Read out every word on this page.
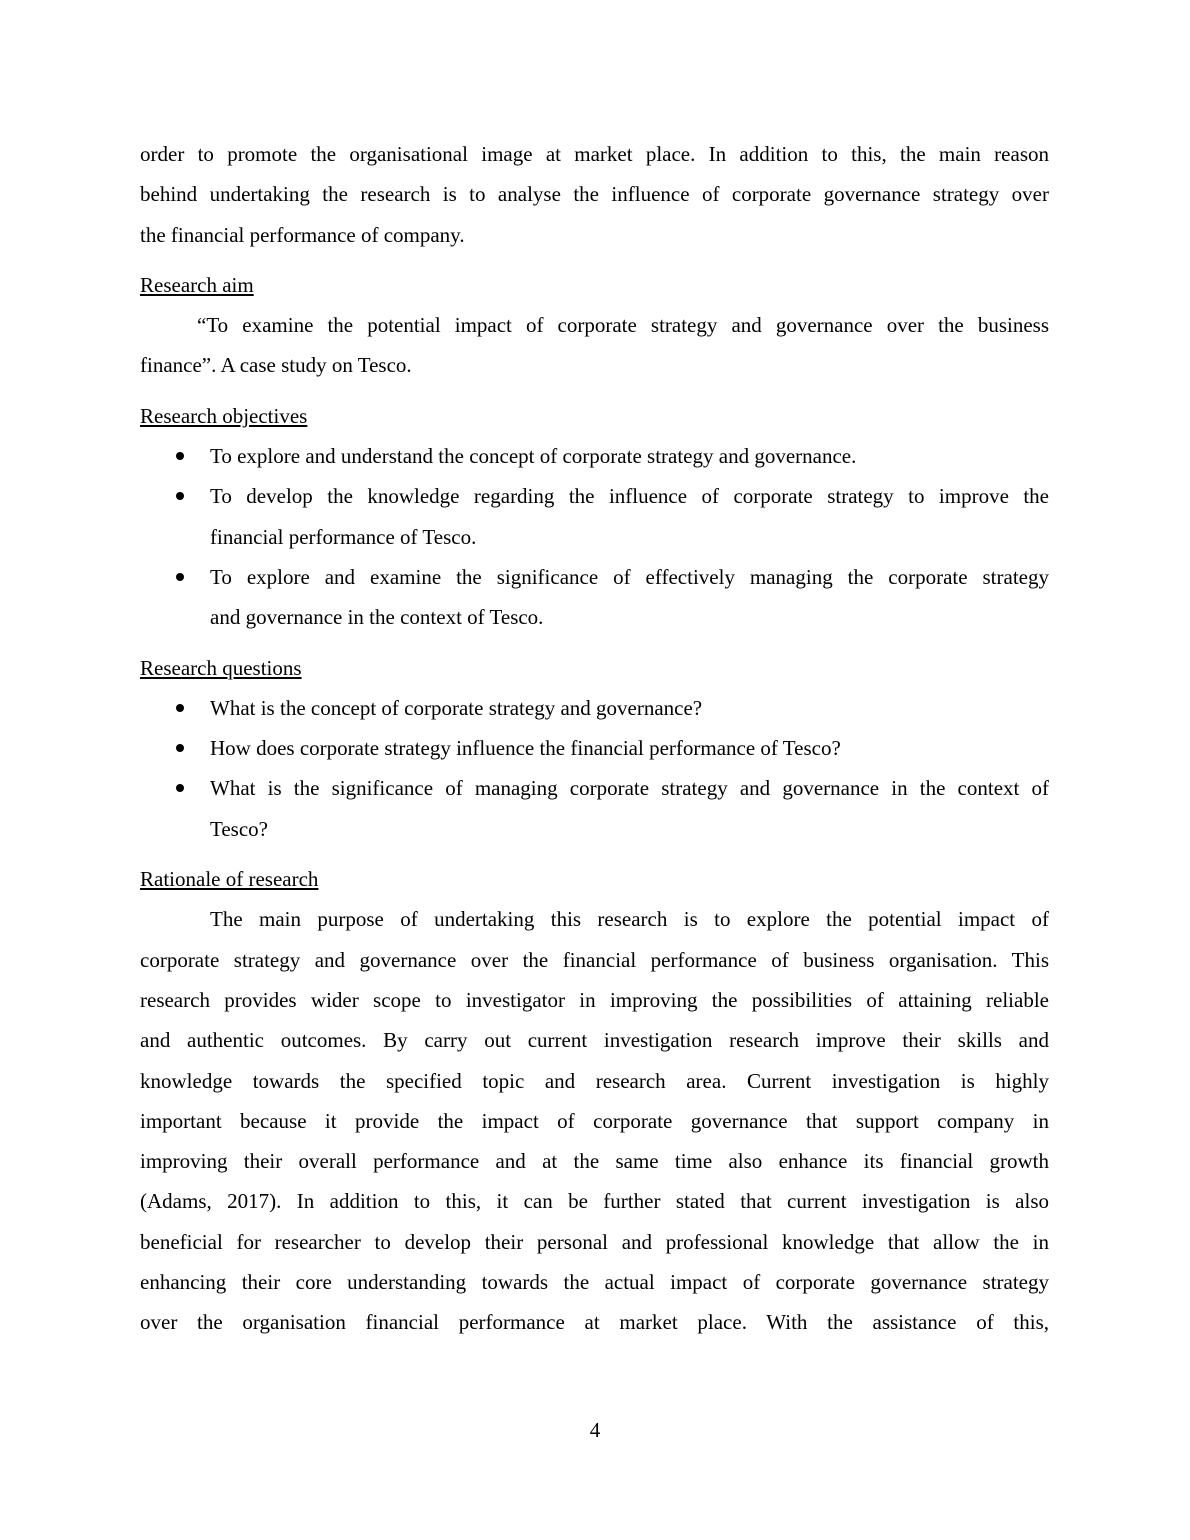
order to promote the organisational image at market place. In addition to this, the main reason
behind undertaking the research is to analyse the influence of corporate governance strategy over
the financial performance of company.
Research aim
“To examine the potential impact of corporate strategy and governance over the business
finance”. A case study on Tesco.
Research objectives
To explore and understand the concept of corporate strategy and governance.
To develop the knowledge regarding the influence of corporate strategy to improve the
financial performance of Tesco.
To explore and examine the significance of effectively managing the corporate strategy
and governance in the context of Tesco.
Research questions
What is the concept of corporate strategy and governance?
How does corporate strategy influence the financial performance of Tesco?
What is the significance of managing corporate strategy and governance in the context of
Tesco?
Rationale of research
The main purpose of undertaking this research is to explore the potential impact of
corporate strategy and governance over the financial performance of business organisation. This
research provides wider scope to investigator in improving the possibilities of attaining reliable
and authentic outcomes. By carry out current investigation research improve their skills and
knowledge towards the specified topic and research area. Current investigation is highly
important because it provide the impact of corporate governance that support company in
improving their overall performance and at the same time also enhance its financial growth
(Adams, 2017). In addition to this, it can be further stated that current investigation is also
beneficial for researcher to develop their personal and professional knowledge that allow the in
enhancing their core understanding towards the actual impact of corporate governance strategy
over the organisation financial performance at market place. With the assistance of this,
4
